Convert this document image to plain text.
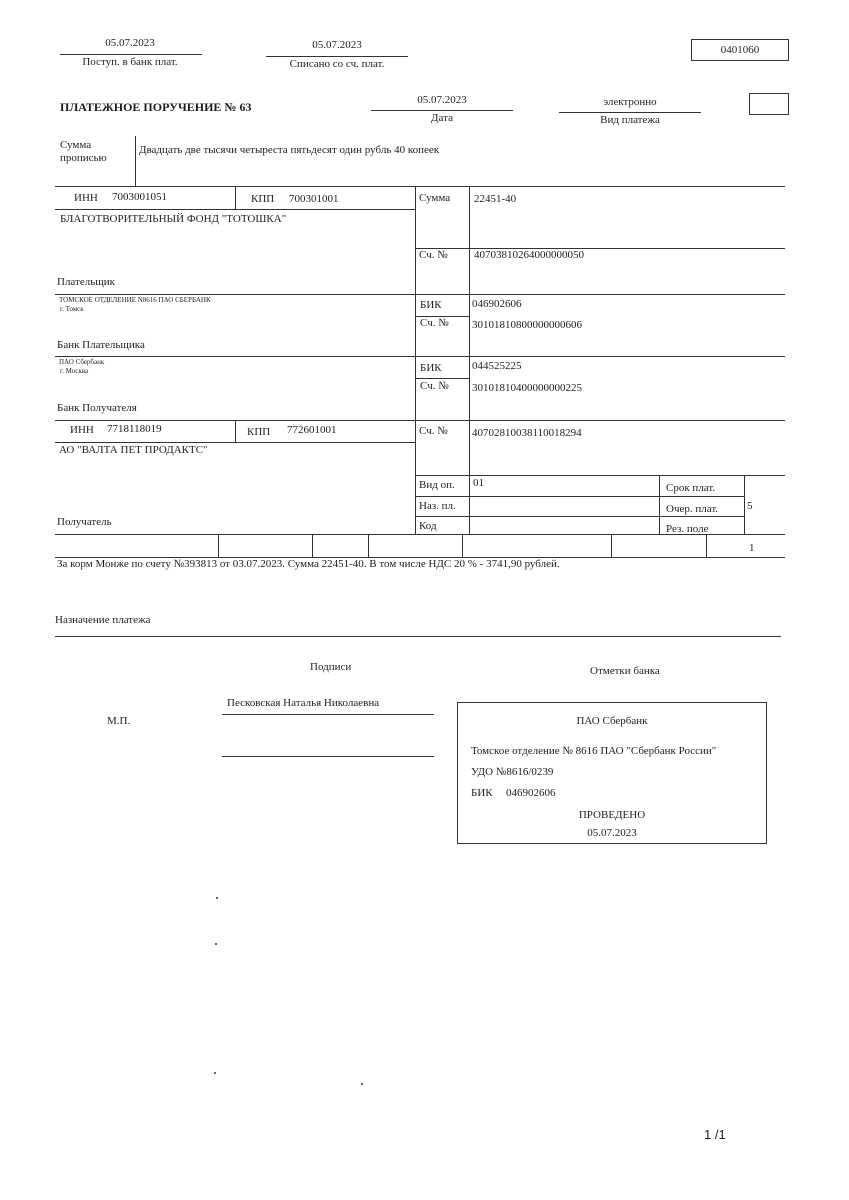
05.07.2023
Поступ. в банк плат.
05.07.2023
Списано со сч. плат.
0401060
ПЛАТЕЖНОЕ ПОРУЧЕНИЕ № 63	05.07.2023
Дата
электронно
Вид платежа
Сумма
прописью
Двадцать две тысячи четыреста пятьдесят один рубль 40 копеек
ИНН 7003001051	КПП 700301001
БЛАГОТВОРИТЕЛЬНЫЙ ФОНД "ТОТОШКА"
Плательщик
Сумма 22451-40
Сч. № 40703810264000000050
ТОМСКОЕ ОТДЕЛЕНИЕ N8616 ПАО СБЕРБАНК
г. Томск
Банк Плательщика
БИК	046902606
Сч. № 30101810800000000606
ПАО Сбербанк
г. Москва
Банк Получателя
БИК	044525225
Сч. № 30101810400000000225
ИНН 7718118019	КПП 772601001
АО "ВАЛТА ПЕТ ПРОДАКТС"
Получатель
Сч. № 40702810038110018294
Вид оп. 01
Наз. пл.
Код
Срок плат.
Очер. плат.	5
Рез. поле
1
За корм Монже по счету №393813 от 03.07.2023. Сумма 22451-40. В том числе НДС 20 % - 3741,90 рублей.
Назначение платежа
Подписи	Отметки банка
М.П.
Песковская Наталья Николаевна
ПАО Сбербанк
Томское отделение № 8616 ПАО "Сбербанк России"
УДО №8616/0239
БИК 046902606
ПРОВЕДЕНО
05.07.2023
1 /1
